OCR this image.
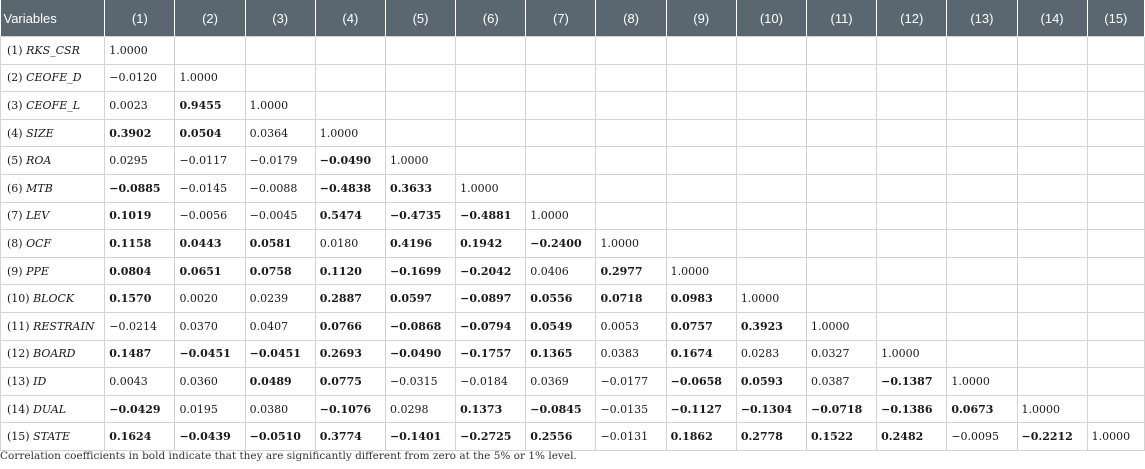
Variables	(1)	(2)	(3)	(4)	(5)	(6)	(7)	(8)	(9)	(10)	(11)	(12)	(13)	(14)	(15)
(1) RKS_CSR	1.0000														
(2) CEOFE_D	−0.0120	1.0000													
(3) CEOFE_L	0.0023	0.9455	1.0000												
(4) SIZE	0.3902	0.0504	0.0364	1.0000											
(5) ROA	0.0295	−0.0117	−0.0179	−0.0490	1.0000										
(6) MTB	−0.0885	−0.0145	−0.0088	−0.4838	0.3633	1.0000									
(7) LEV	0.1019	−0.0056	−0.0045	0.5474	−0.4735	−0.4881	1.0000								
(8) OCF	0.1158	0.0443	0.0581	0.0180	0.4196	0.1942	−0.2400	1.0000							
(9) PPE	0.0804	0.0651	0.0758	0.1120	−0.1699	−0.2042	0.0406	0.2977	1.0000						
(10) BLOCK	0.1570	0.0020	0.0239	0.2887	0.0597	−0.0897	0.0556	0.0718	0.0983	1.0000					
(11) RESTRAIN	−0.0214	0.0370	0.0407	0.0766	−0.0868	−0.0794	0.0549	0.0053	0.0757	0.3923	1.0000				
(12) BOARD	0.1487	−0.0451	−0.0451	0.2693	−0.0490	−0.1757	0.1365	0.0383	0.1674	0.0283	0.0327	1.0000			
(13) ID	0.0043	0.0360	0.0489	0.0775	−0.0315	−0.0184	0.0369	−0.0177	−0.0658	0.0593	0.0387	−0.1387	1.0000		
(14) DUAL	−0.0429	0.0195	0.0380	−0.1076	0.0298	0.1373	−0.0845	−0.0135	−0.1127	−0.1304	−0.0718	−0.1386	0.0673	1.0000	
(15) STATE	0.1624	−0.0439	−0.0510	0.3774	−0.1401	−0.2725	0.2556	−0.0131	0.1862	0.2778	0.1522	0.2482	−0.0095	−0.2212	1.0000
Correlation coefficients in bold indicate that they are significantly different from zero at the 5% or 1% level.
